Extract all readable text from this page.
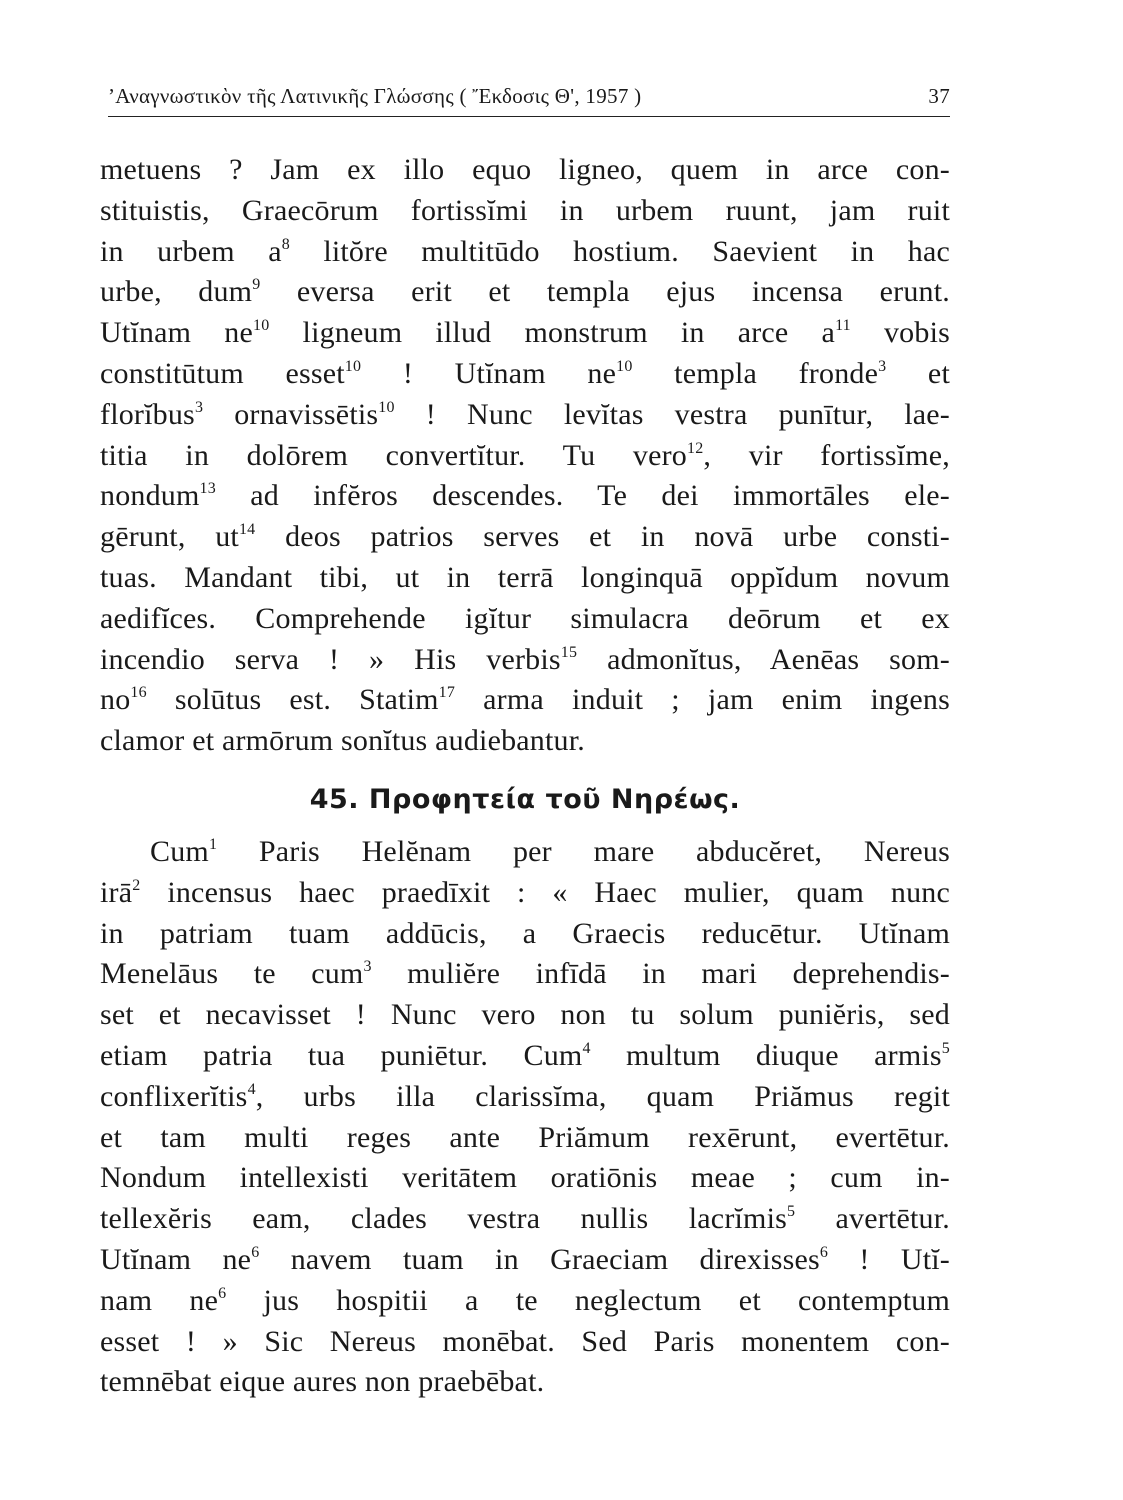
’Αναγνωστικὸν τῆς Λατινικῆς Γλώσσης ( Ἔκδοσις Θ', 1957 )	37

metuens ? Jam ex illo equo ligneo, quem in arce con-
stituistis, Graecōrum fortissĭmi in urbem ruunt, jam ruit
in urbem $a^8$ litŏre multitūdo hostium. Saevient in hac
urbe, dum$^9$ eversa erit et templa ejus incensa erunt.
Utĭnam $ne^{10}$ ligneum illud monstrum in arce $a^{11}$ vobis
constitūtum esset$^{10}$ ! Utĭnam $ne^{10}$ templa fronde$^3$ et
florĭbus$^3$ ornavissētis$^{10}$ ! Nunc levĭtas vestra punītur, lae-
titia in dolōrem convertĭtur. Tu vero$^{12}$, vir fortissĭme,
nondum$^{13}$ ad infĕros descendes. Te dei immortāles ele-
gērunt, $ut^{14}$ deos patrios serves et in novā urbe consti-
tuas. Mandant tibi, ut in terrā longinquā oppĭdum novum
aedifĭces. Comprehende igĭtur simulacra deōrum et ex
incendio serva ! » His verbis$^{15}$ admonĭtus, Aenēas som-
$no^{16}$ solūtus est. Statim$^{17}$ arma induit ; jam enim ingens
clamor et armōrum sonĭtus audiebantur.

45. Προφητεία τοῦ Νηρέως.

Cum$^1$ Paris Helĕnam per mare abducĕret, Nereus
irā$^2$ incensus haec praedīxit : « Haec mulier, quam nunc
in patriam tuam addūcis, a Graecis reducētur. Utĭnam
Menelāus te cum$^3$ muliĕre infīdā in mari deprehendis-
set et necavisset ! Nunc vero non tu solum puniĕris, sed
etiam patria tua puniētur. Cum$^4$ multum diuque armis$^5$
conflixerĭtis$^4$, urbs illa clarissĭma, quam Priămus regit
et tam multi reges ante Priămum rexērunt, evertētur.
Nondum intellexisti veritātem oratiōnis meae ; cum in-
tellexĕris eam, clades vestra nullis lacrĭmis$^5$ avertētur.
Utĭnam $ne^6$ navem tuam in Graeciam direxisses$^6$ ! Utĭ-
nam $ne^6$ jus hospitii a te neglectum et contemptum
esset ! » Sic Nereus monēbat. Sed Paris monentem con-
temnēbat eique aures non praebēbat.
